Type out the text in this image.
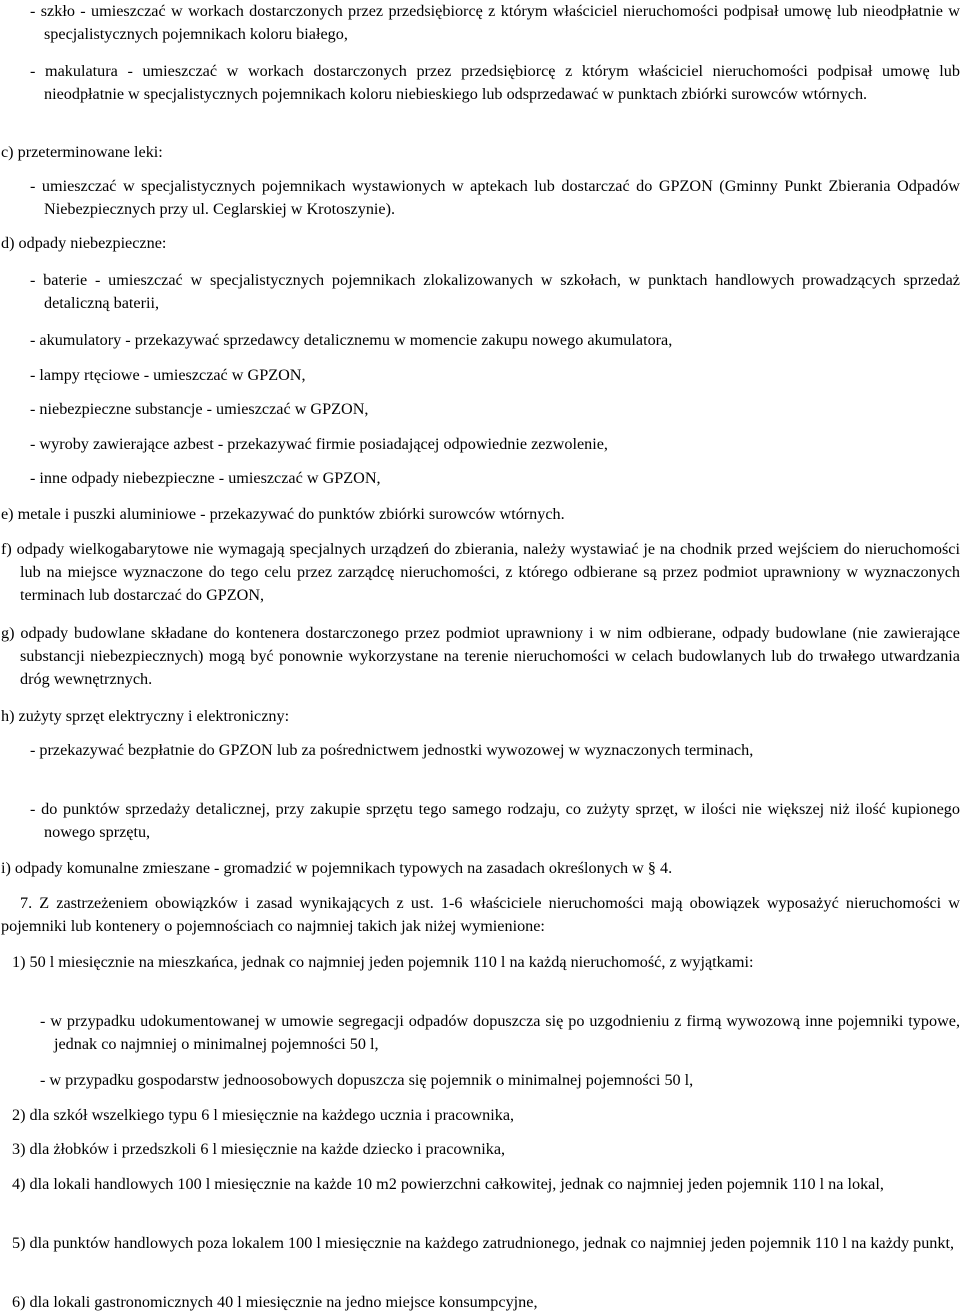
- szkło - umieszczać w workach dostarczonych przez przedsiębiorcę z którym właściciel nieruchomości podpisał umowę lub nieodpłatnie w specjalistycznych pojemnikach koloru białego,

- makulatura - umieszczać w workach dostarczonych przez przedsiębiorcę z którym właściciel nieruchomości podpisał umowę lub nieodpłatnie w specjalistycznych pojemnikach koloru niebieskiego lub odsprzedawać w punktach zbiórki surowców wtórnych.

c) przeterminowane leki:

- umieszczać w specjalistycznych pojemnikach wystawionych w aptekach lub dostarczać do GPZON (Gminny Punkt Zbierania Odpadów Niebezpiecznych przy ul. Ceglarskiej w Krotoszynie).

d) odpady niebezpieczne:

- baterie - umieszczać w specjalistycznych pojemnikach zlokalizowanych w szkołach, w punktach handlowych prowadzących sprzedaż detaliczną baterii,

- akumulatory - przekazywać sprzedawcy detalicznemu w momencie zakupu nowego akumulatora,

- lampy rtęciowe - umieszczać w GPZON,

- niebezpieczne substancje - umieszczać w GPZON,

- wyroby zawierające azbest - przekazywać firmie posiadającej odpowiednie zezwolenie,

- inne odpady niebezpieczne - umieszczać w GPZON,

e) metale i puszki aluminiowe - przekazywać do punktów zbiórki surowców wtórnych.

f) odpady wielkogabarytowe nie wymagają specjalnych urządzeń do zbierania, należy wystawiać je na chodnik przed wejściem do nieruchomości lub na miejsce wyznaczone do tego celu przez zarządcę nieruchomości, z którego odbierane są przez podmiot uprawniony w wyznaczonych terminach lub dostarczać do GPZON,

g) odpady budowlane składane do kontenera dostarczonego przez podmiot uprawniony i w nim odbierane, odpady budowlane (nie zawierające substancji niebezpiecznych) mogą być ponownie wykorzystane na terenie nieruchomości w celach budowlanych lub do trwałego utwardzania dróg wewnętrznych.

h) zużyty sprzęt elektryczny i elektroniczny:

- przekazywać bezpłatnie do GPZON lub za pośrednictwem jednostki wywozowej w wyznaczonych terminach,

- do punktów sprzedaży detalicznej, przy zakupie sprzętu tego samego rodzaju, co zużyty sprzęt, w ilości nie większej niż ilość kupionego nowego sprzętu,

i) odpady komunalne zmieszane - gromadzić w pojemnikach typowych na zasadach określonych w § 4.

7. Z zastrzeżeniem obowiązków i zasad wynikających z ust. 1-6 właściciele nieruchomości mają obowiązek wyposażyć nieruchomości w pojemniki lub kontenery o pojemnościach co najmniej takich jak niżej wymienione:

1) 50 l miesięcznie na mieszkańca, jednak co najmniej jeden pojemnik 110 l na każdą nieruchomość, z wyjątkami:

- w przypadku udokumentowanej w umowie segregacji odpadów dopuszcza się po uzgodnieniu z firmą wywozową inne pojemniki typowe, jednak co najmniej o minimalnej pojemności 50 l,

- w przypadku gospodarstw jednoosobowych dopuszcza się pojemnik o minimalnej pojemności 50 l,

2) dla szkół wszelkiego typu 6 l miesięcznie na każdego ucznia i pracownika,

3) dla żłobków i przedszkoli 6 l miesięcznie na każde dziecko i pracownika,

4) dla lokali handlowych 100 l miesięcznie na każde 10 m2 powierzchni całkowitej, jednak co najmniej jeden pojemnik 110 l na lokal,

5) dla punktów handlowych poza lokalem 100 l miesięcznie na każdego zatrudnionego, jednak co najmniej jeden pojemnik 110 l na każdy punkt,

6) dla lokali gastronomicznych 40 l miesięcznie na jedno miejsce konsumpcyjne,
